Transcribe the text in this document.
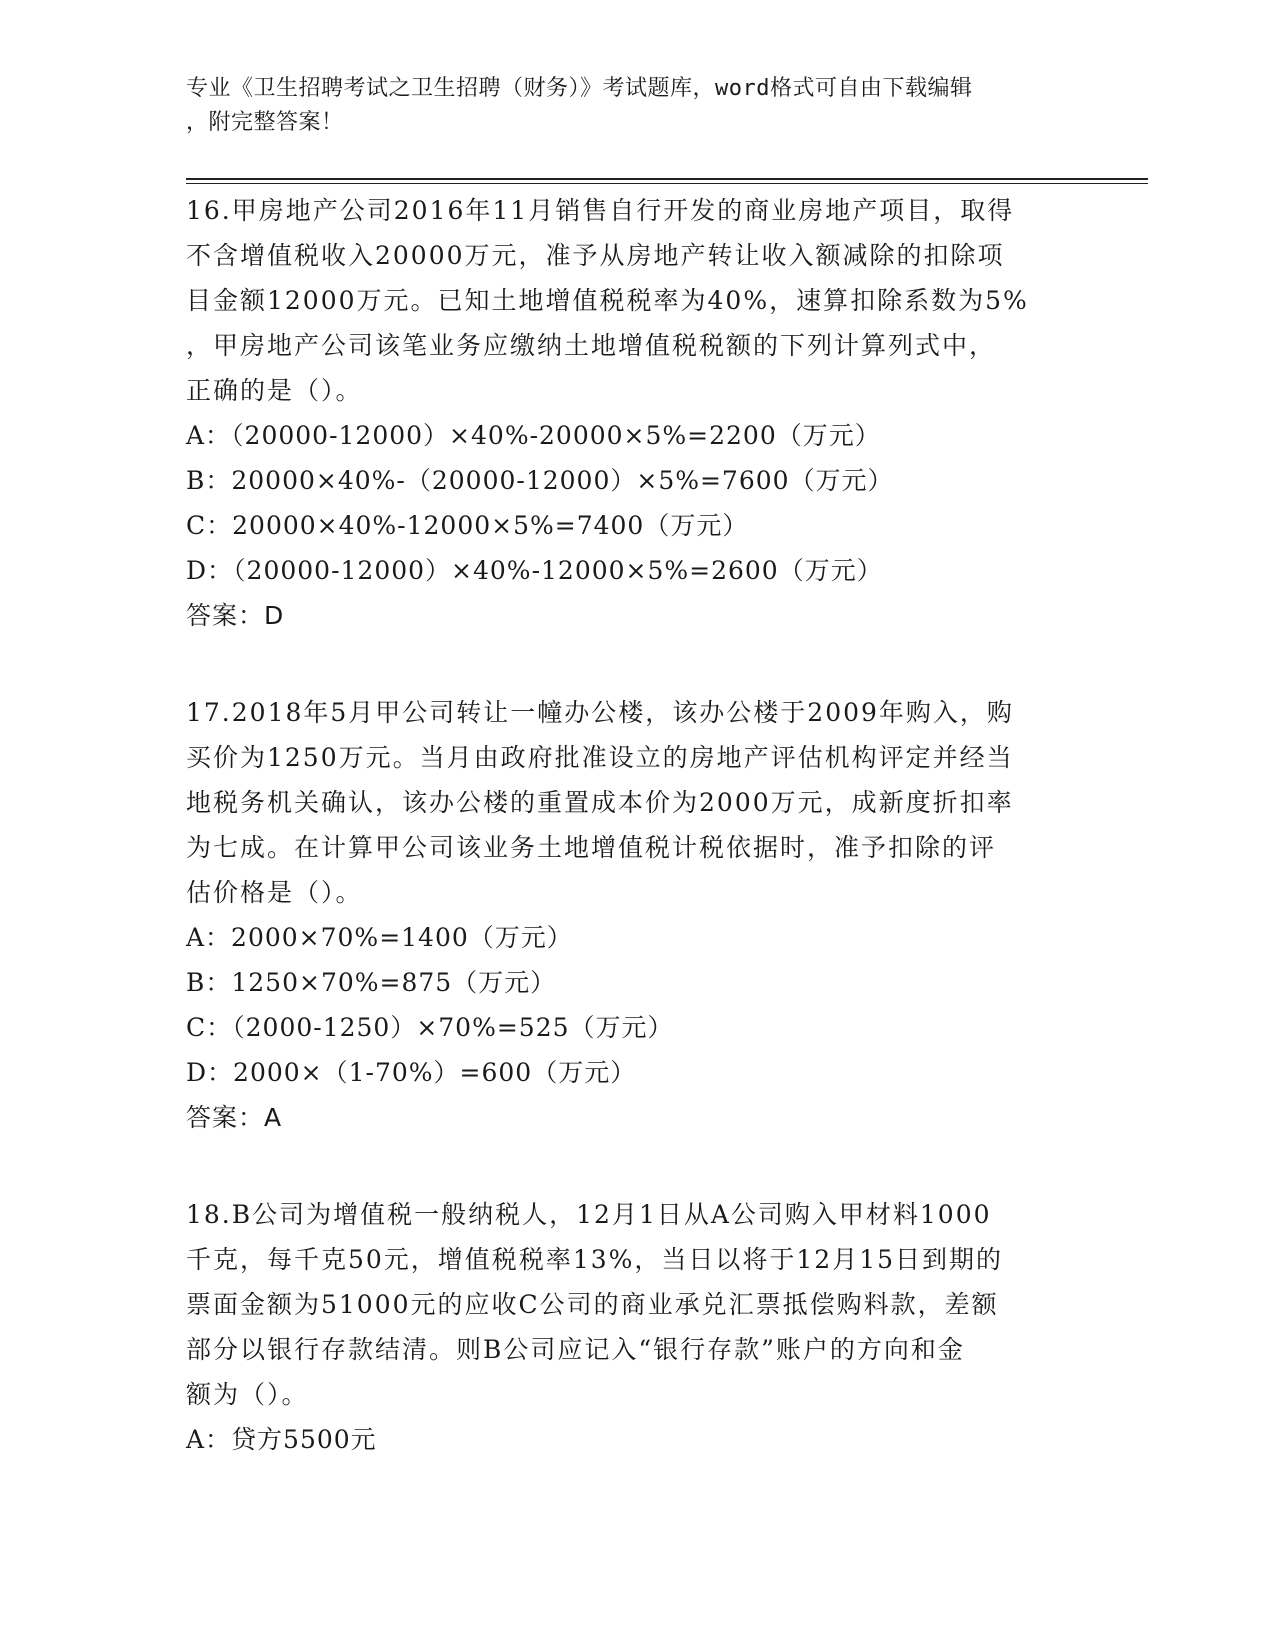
专业《卫生招聘考试之卫生招聘（财务）》考试题库，word格式可自由下载编辑
，附完整答案！
16.甲房地产公司2016年11月销售自行开发的商业房地产项目，取得
不含增值税收入20000万元，准予从房地产转让收入额减除的扣除项
目金额12000万元。已知土地增值税税率为40%，速算扣除系数为5%
，甲房地产公司该笔业务应缴纳土地增值税税额的下列计算列式中，
正确的是（）。
A：（20000-12000）×40%-20000×5%=2200（万元）
B：20000×40%-（20000-12000）×5%=7600（万元）
C：20000×40%-12000×5%=7400（万元）
D：（20000-12000）×40%-12000×5%=2600（万元）
答案：D
17.2018年5月甲公司转让一幢办公楼，该办公楼于2009年购入，购
买价为1250万元。当月由政府批准设立的房地产评估机构评定并经当
地税务机关确认，该办公楼的重置成本价为2000万元，成新度折扣率
为七成。在计算甲公司该业务土地增值税计税依据时，准予扣除的评
估价格是（）。
A：2000×70%=1400（万元）
B：1250×70%=875（万元）
C：（2000-1250）×70%=525（万元）
D：2000×（1-70%）=600（万元）
答案：A
18.B公司为增值税一般纳税人，12月1日从A公司购入甲材料1000
千克，每千克50元，增值税税率13%，当日以将于12月15日到期的
票面金额为51000元的应收C公司的商业承兑汇票抵偿购料款，差额
部分以银行存款结清。则B公司应记入“银行存款”账户的方向和金
额为（）。
A：贷方5500元
